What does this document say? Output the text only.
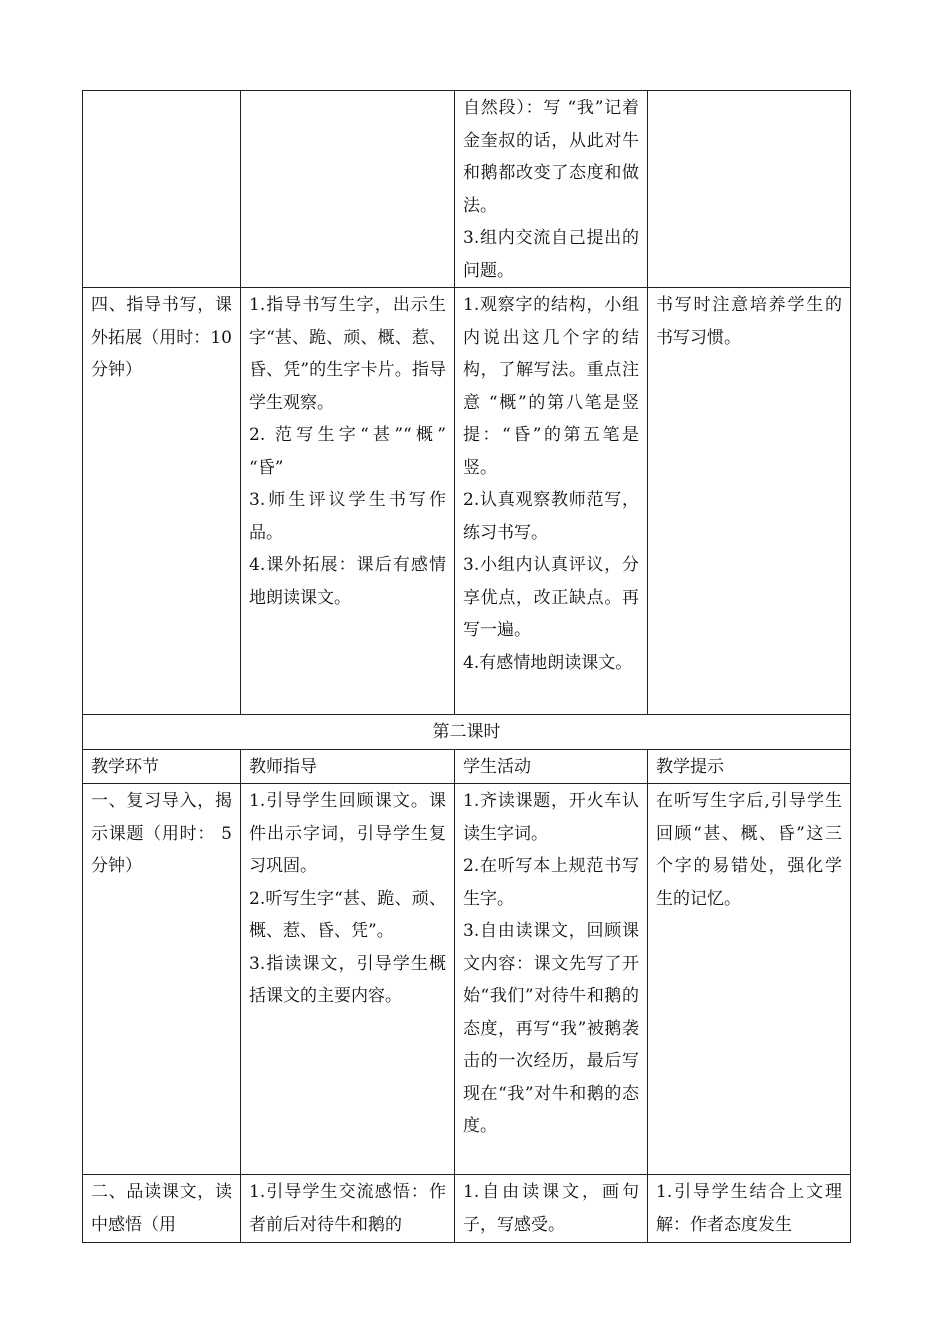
		自然段）：写 “我”记着金奎叔的话，从此对牛和鹅都改变了态度和做法。
3.组内交流自己提出的问题。	

四、指导书写，课外拓展（用时：10分钟）	1.指导书写生字，出示生字“甚、跪、顽、概、惹、昏、凭”的生字卡片。指导学生观察。
2. 范写生字“甚”“概” “昏”
3.师生评议学生书写作品。
4.课外拓展：课后有感情地朗读课文。	1.观察字的结构，小组内说出这几个字的结构，了解写法。重点注意 “概”的第八笔是竖提：“昏”的第五笔是竖。
2.认真观察教师范写，练习书写。
3.小组内认真评议，分享优点，改正缺点。再写一遍。
4.有感情地朗读课文。	书写时注意培养学生的书写习惯。

第二课时			
教学环节	教师指导	学生活动	教学提示

一、复习导入，揭示课题（用时： 5分钟）	1.引导学生回顾课文。课件出示字词，引导学生复习巩固。
2.听写生字“甚、跪、顽、概、惹、昏、凭”。
3.指读课文，引导学生概括课文的主要内容。	1.齐读课题，开火车认读生字词。
2.在听写本上规范书写生字。
3.自由读课文，回顾课文内容：课文先写了开始“我们”对待牛和鹅的态度，再写“我”被鹅袭击的一次经历，最后写现在“我”对牛和鹅的态度。	在听写生字后,引导学生回顾“甚、概、昏”这三个字的易错处，强化学生的记忆。

二、品读课文，读中感悟（用	1.引导学生交流感悟：作者前后对待牛和鹅的	1.自由读课文，画句子，写感受。	1.引导学生结合上文理解：作者态度发生
